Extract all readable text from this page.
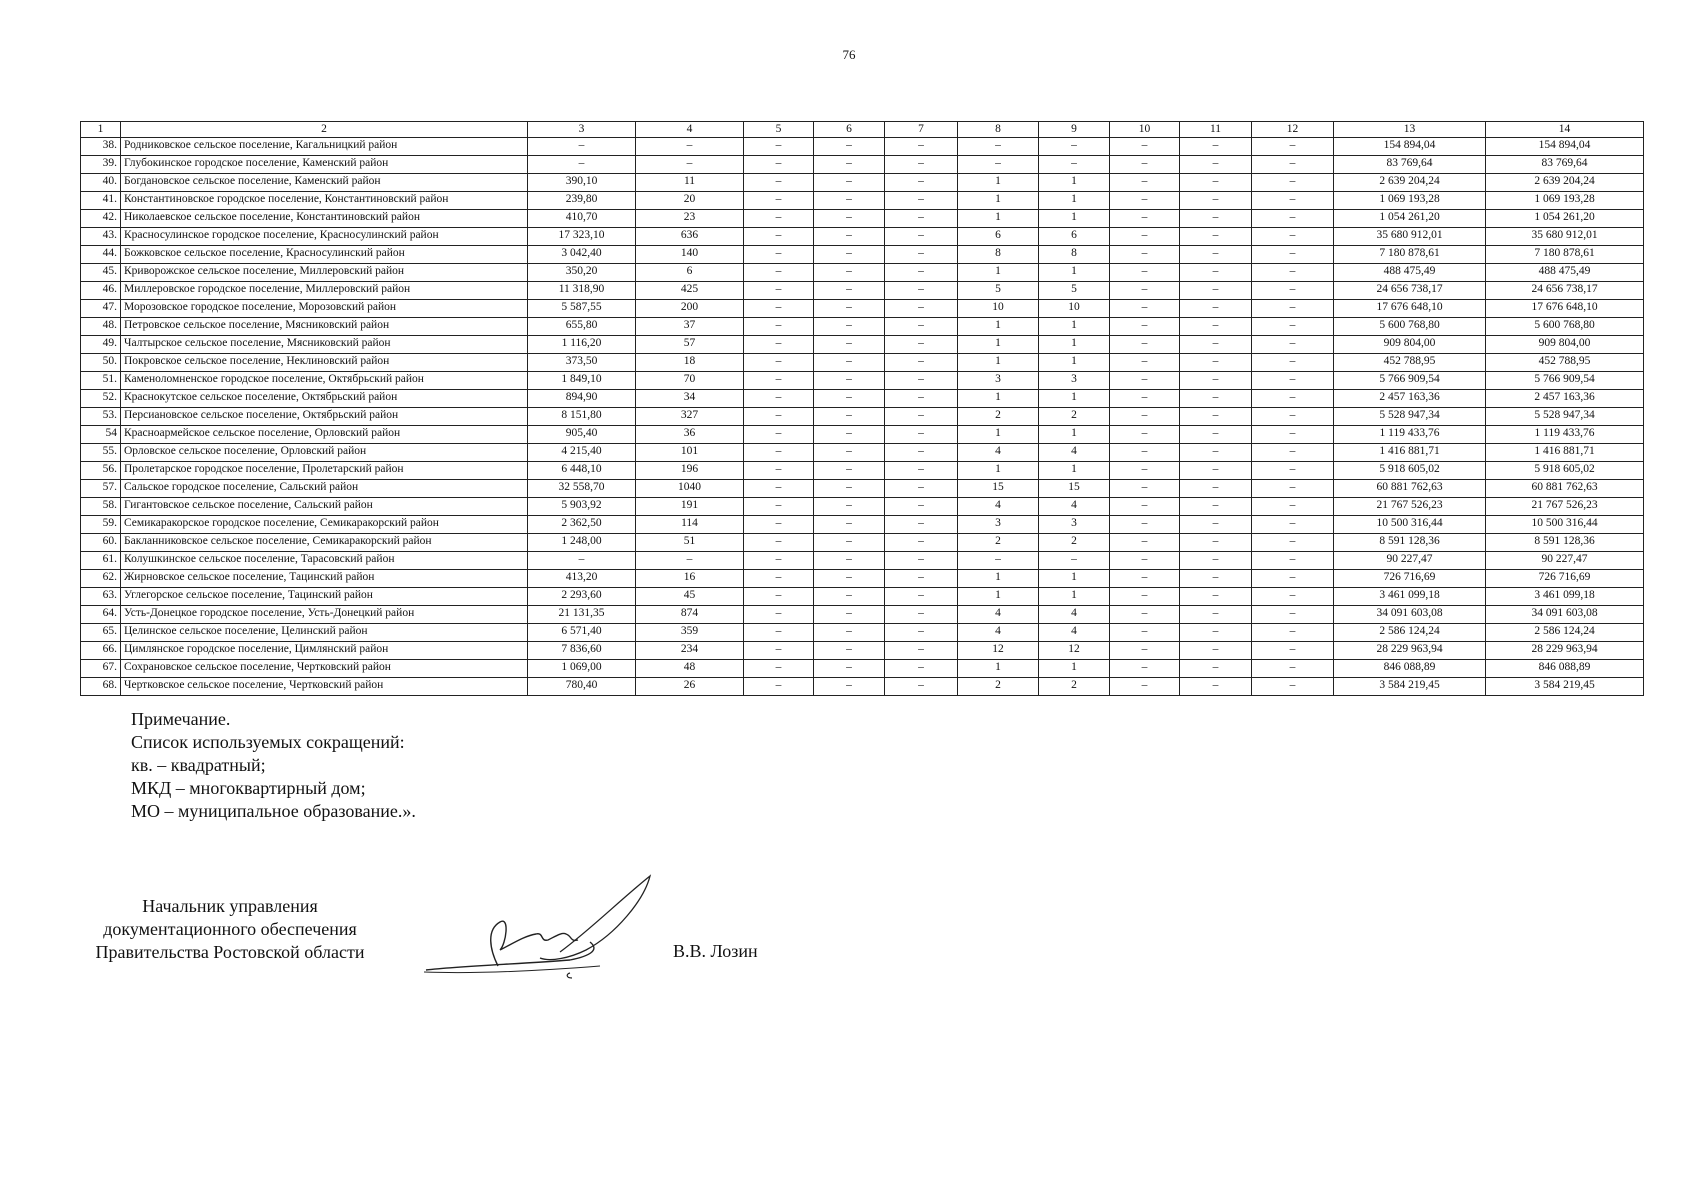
76
1	2	3	4	5	6	7	8	9	10	11	12	13	14
38.	Родниковское сельское поселение, Кагальницкий район	–	–	–	–	–	–	–	–	–	–	154 894,04	154 894,04
39.	Глубокинское городское поселение, Каменский район	–	–	–	–	–	–	–	–	–	–	83 769,64	83 769,64
40.	Богдановское сельское поселение, Каменский район	390,10	11	–	–	–	1	1	–	–	–	2 639 204,24	2 639 204,24
41.	Константиновское городское поселение, Константиновский район	239,80	20	–	–	–	1	1	–	–	–	1 069 193,28	1 069 193,28
42.	Николаевское сельское поселение, Константиновский район	410,70	23	–	–	–	1	1	–	–	–	1 054 261,20	1 054 261,20
43.	Красносулинское городское поселение, Красносулинский район	17 323,10	636	–	–	–	6	6	–	–	–	35 680 912,01	35 680 912,01
44.	Божковское сельское поселение, Красносулинский район	3 042,40	140	–	–	–	8	8	–	–	–	7 180 878,61	7 180 878,61
45.	Криворожское сельское поселение, Миллеровский район	350,20	6	–	–	–	1	1	–	–	–	488 475,49	488 475,49
46.	Миллеровское городское поселение, Миллеровский район	11 318,90	425	–	–	–	5	5	–	–	–	24 656 738,17	24 656 738,17
47.	Морозовское городское поселение, Морозовский район	5 587,55	200	–	–	–	10	10	–	–	–	17 676 648,10	17 676 648,10
48.	Петровское сельское поселение, Мясниковский район	655,80	37	–	–	–	1	1	–	–	–	5 600 768,80	5 600 768,80
49.	Чалтырское сельское поселение, Мясниковский район	1 116,20	57	–	–	–	1	1	–	–	–	909 804,00	909 804,00
50.	Покровское сельское поселение, Неклиновский район	373,50	18	–	–	–	1	1	–	–	–	452 788,95	452 788,95
51.	Каменоломненское городское поселение, Октябрьский район	1 849,10	70	–	–	–	3	3	–	–	–	5 766 909,54	5 766 909,54
52.	Краснокутское сельское поселение, Октябрьский район	894,90	34	–	–	–	1	1	–	–	–	2 457 163,36	2 457 163,36
53.	Персиановское сельское поселение, Октябрьский район	8 151,80	327	–	–	–	2	2	–	–	–	5 528 947,34	5 528 947,34
54	Красноармейское сельское поселение, Орловский район	905,40	36	–	–	–	1	1	–	–	–	1 119 433,76	1 119 433,76
55.	Орловское сельское поселение, Орловский район	4 215,40	101	–	–	–	4	4	–	–	–	1 416 881,71	1 416 881,71
56.	Пролетарское городское поселение, Пролетарский район	6 448,10	196	–	–	–	1	1	–	–	–	5 918 605,02	5 918 605,02
57.	Сальское городское поселение, Сальский район	32 558,70	1040	–	–	–	15	15	–	–	–	60 881 762,63	60 881 762,63
58.	Гигантовское сельское поселение, Сальский район	5 903,92	191	–	–	–	4	4	–	–	–	21 767 526,23	21 767 526,23
59.	Семикаракорское городское поселение, Семикаракорский район	2 362,50	114	–	–	–	3	3	–	–	–	10 500 316,44	10 500 316,44
60.	Бакланниковское сельское поселение, Семикаракорский район	1 248,00	51	–	–	–	2	2	–	–	–	8 591 128,36	8 591 128,36
61.	Колушкинское сельское поселение, Тарасовский район	–	–	–	–	–	–	–	–	–	–	90 227,47	90 227,47
62.	Жирновское сельское поселение, Тацинский район	413,20	16	–	–	–	1	1	–	–	–	726 716,69	726 716,69
63.	Углегорское сельское поселение, Тацинский район	2 293,60	45	–	–	–	1	1	–	–	–	3 461 099,18	3 461 099,18
64.	Усть-Донецкое городское поселение, Усть-Донецкий район	21 131,35	874	–	–	–	4	4	–	–	–	34 091 603,08	34 091 603,08
65.	Целинское сельское поселение, Целинский район	6 571,40	359	–	–	–	4	4	–	–	–	2 586 124,24	2 586 124,24
66.	Цимлянское городское поселение, Цимлянский район	7 836,60	234	–	–	–	12	12	–	–	–	28 229 963,94	28 229 963,94
67.	Сохрановское сельское поселение, Чертковский район	1 069,00	48	–	–	–	1	1	–	–	–	846 088,89	846 088,89
68.	Чертковское сельское поселение, Чертковский район	780,40	26	–	–	–	2	2	–	–	–	3 584 219,45	3 584 219,45
Примечание.
Список используемых сокращений:
кв. – квадратный;
МКД – многоквартирный дом;
МО – муниципальное образование.».
Начальник управления
документационного обеспечения
Правительства Ростовской области	В.В. Лозин
